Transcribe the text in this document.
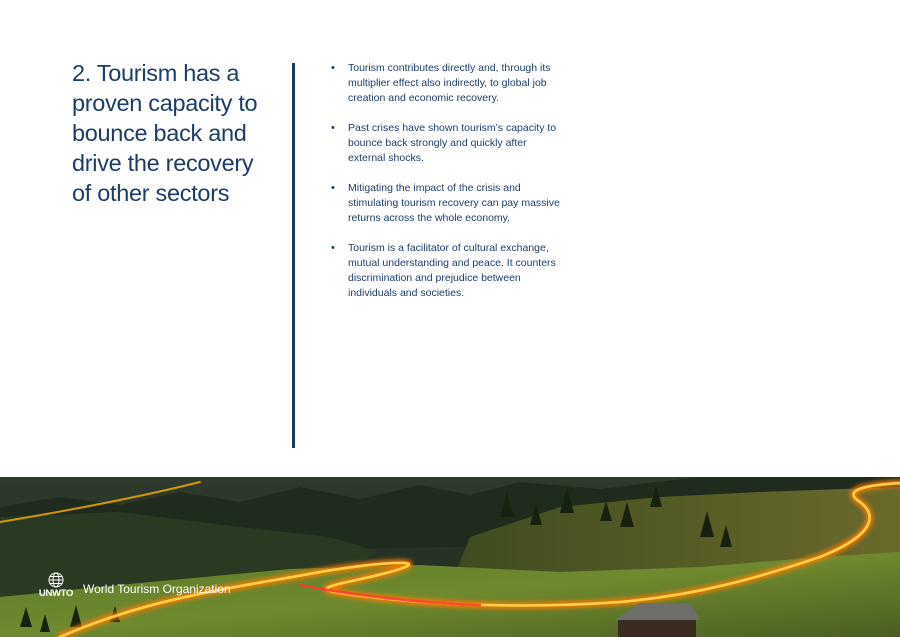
2. Tourism has a proven capacity to bounce back and drive the recovery of other sectors
• Tourism contributes directly and, through its multiplier effect also indirectly, to global job creation and economic recovery.
• Past crises have shown tourism’s capacity to bounce back strongly and quickly after external shocks.
• Mitigating the impact of the crisis and stimulating tourism recovery can pay massive returns across the whole economy.
• Tourism is a facilitator of cultural exchange, mutual understanding and peace. It counters discrimination and prejudice between individuals and societies.
UNWTO World Tourism Organization
